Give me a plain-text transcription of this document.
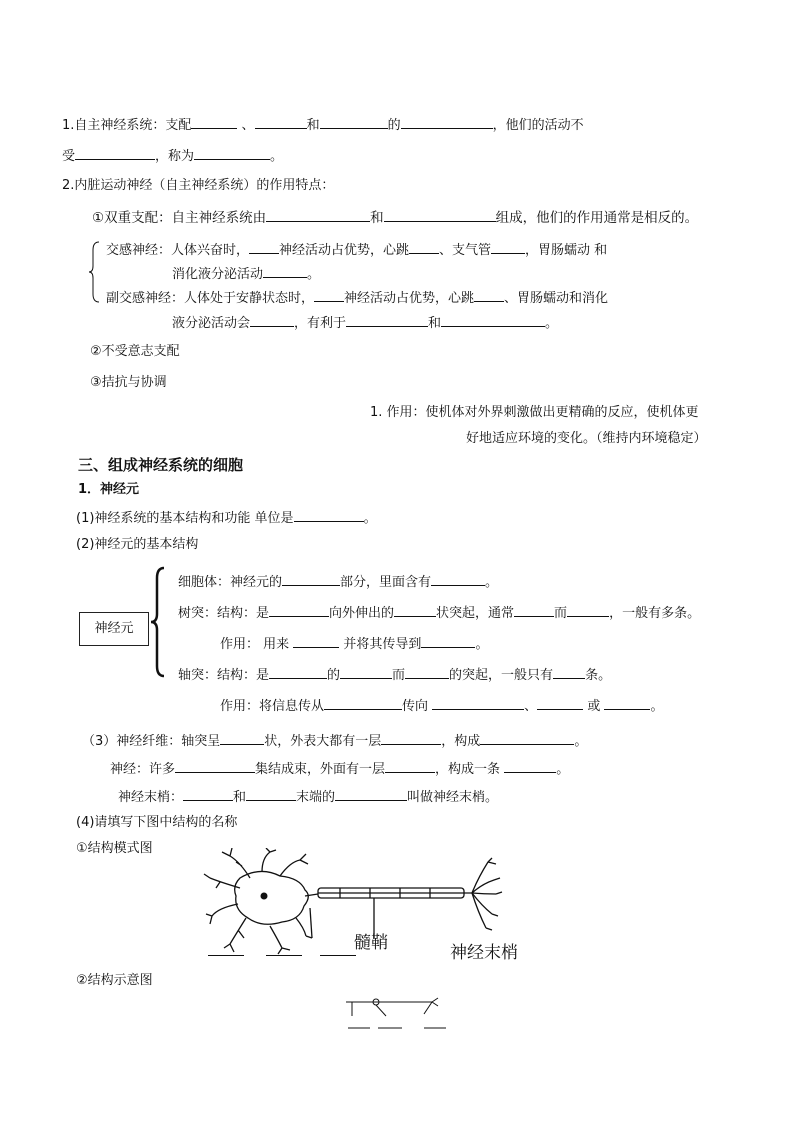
1.自主神经系统：支配	、	和	的	，他们的活动不
受	，称为	。
2.内脏运动神经（自主神经系统）的作用特点：
①双重支配：自主神经系统由	和	组成，他们的作用通常是相反的。
交感神经：人体兴奋时， 神经活动占优势，心跳 、支气管	，胃肠蠕动 和
消化液分泌活动	。
副交感神经：人体处于安静状态时， 神经活动占优势，心跳 、胃肠蠕动和消化
液分泌活动会	，有利于	和	。
②不受意志支配
③拮抗与协调
1. 作用：使机体对外界刺激做出更精确的反应，使机体更
好地适应环境的变化。（维持内环境稳定）
三、组成神经系统的细胞
1．神经元
(1)神经系统的基本结构和功能 单位是	。
(2)神经元的基本结构
神经元
细胞体：神经元的	部分，里面含有	。
树突：结构：是	向外伸出的	状突起，通常	而	，一般有多条。
作用： 用来	并将其传导到	。
轴突：结构：是	的	而	的突起，一般只有 条。
作用：将信息传从	传向	、	或	。
（3）神经纤维：轴突呈	状，外表大都有一层	，构成	。
神经：许多	集结成束，外面有一层	，构成一条	。
神经末梢：	和	末端的	叫做神经末梢。
(4)请填写下图中结构的名称
①结构模式图

髓鞘	神经末梢
②结构示意图
